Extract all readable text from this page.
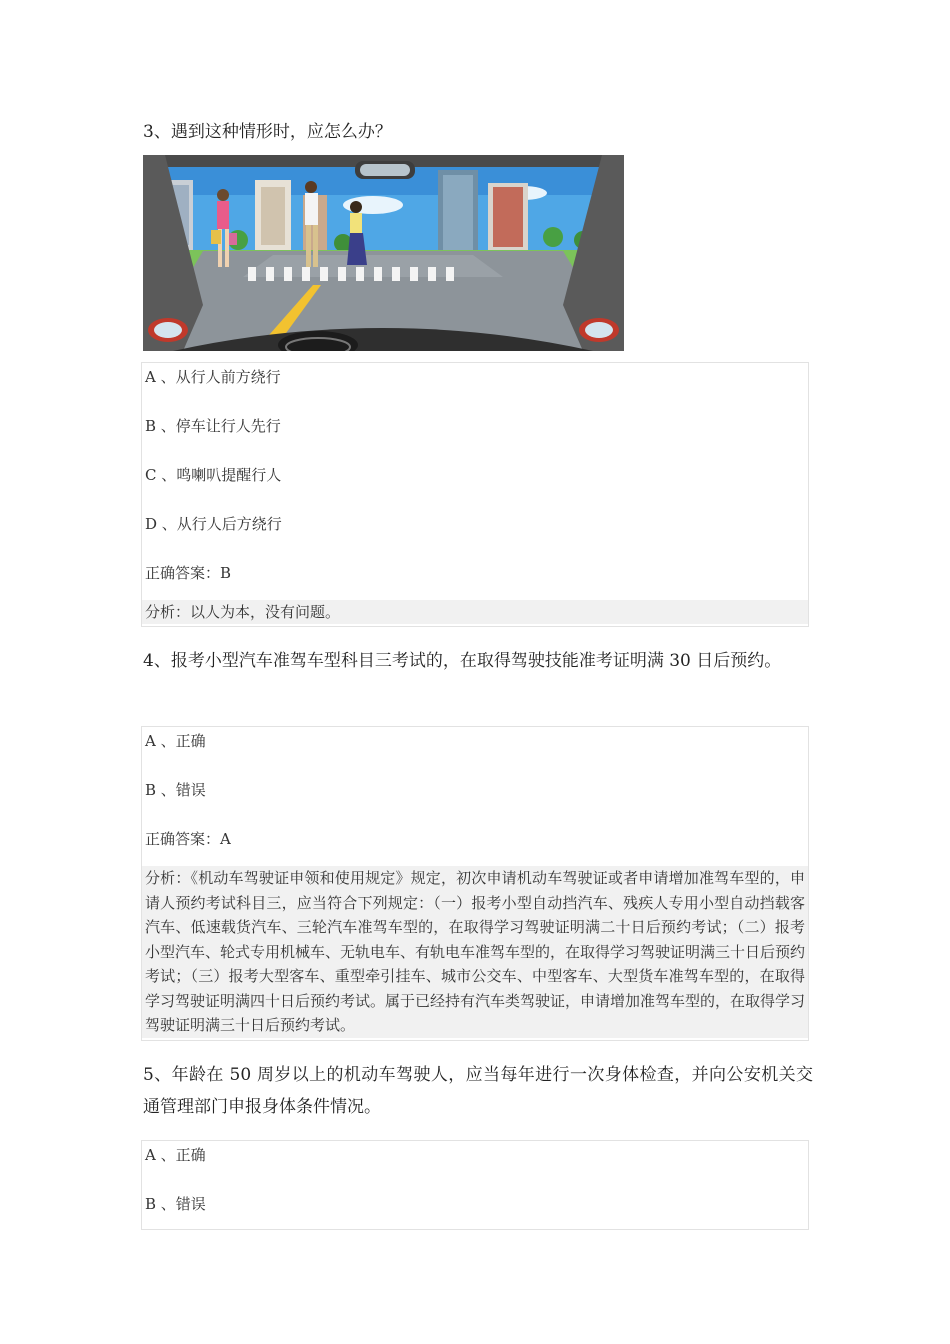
3、遇到这种情形时，应怎么办？

A 、从行人前方绕行

B 、停车让行人先行

C 、鸣喇叭提醒行人

D 、从行人后方绕行

正确答案：B

分析：以人为本，没有问题。

4、报考小型汽车准驾车型科目三考试的，在取得驾驶技能准考证明满 30 日后预约。

A 、正确

B 、错误

正确答案：A

分析：《机动车驾驶证申领和使用规定》规定，初次申请机动车驾驶证或者申请增加准驾车型的，申请人预约考试科目三，应当符合下列规定：（一）报考小型自动挡汽车、残疾人专用小型自动挡载客汽车、低速载货汽车、三轮汽车准驾车型的，在取得学习驾驶证明满二十日后预约考试；（二）报考小型汽车、轮式专用机械车、无轨电车、有轨电车准驾车型的，在取得学习驾驶证明满三十日后预约考试；（三）报考大型客车、重型牵引挂车、城市公交车、中型客车、大型货车准驾车型的，在取得学习驾驶证明满四十日后预约考试。属于已经持有汽车类驾驶证，申请增加准驾车型的，在取得学习驾驶证明满三十日后预约考试。

5、年龄在 50 周岁以上的机动车驾驶人，应当每年进行一次身体检查，并向公安机关交通管理部门申报身体条件情况。

A 、正确

B 、错误
